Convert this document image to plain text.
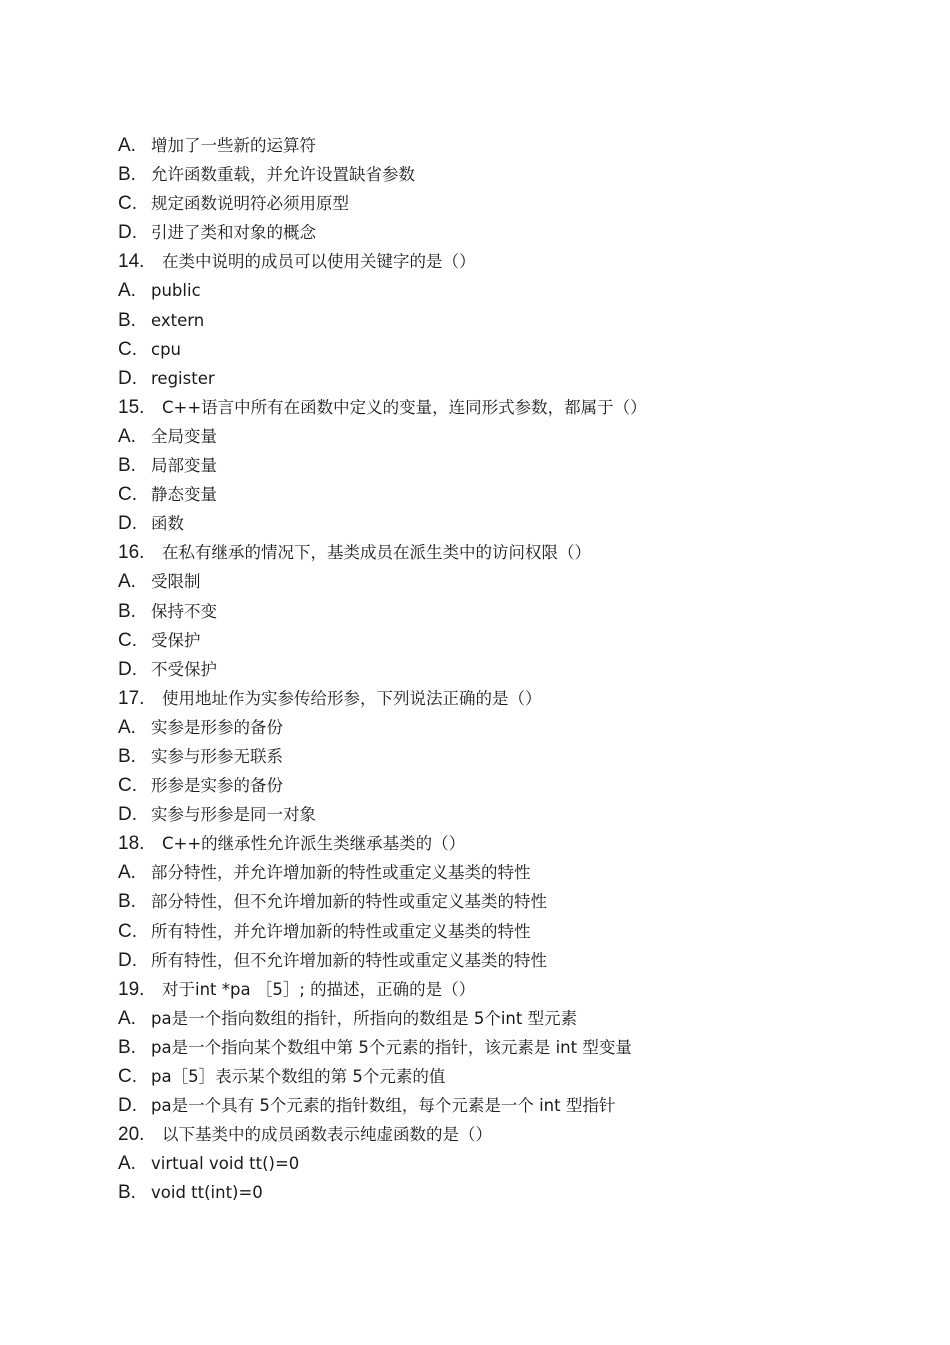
A. 增加了一些新的运算符
B. 允许函数重载，并允许设置缺省参数
C. 规定函数说明符必须用原型
D. 引进了类和对象的概念
14.	在类中说明的成员可以使用关键字的是（）
A. public
B. extern
C. cpu
D. register
15.	C++语言中所有在函数中定义的变量，连同形式参数，都属于（）
A. 全局变量
B. 局部变量
C. 静态变量
D. 函数
16.	在私有继承的情况下，基类成员在派生类中的访问权限（）
A. 受限制
B. 保持不变
C. 受保护
D. 不受保护
17.	使用地址作为实参传给形参，下列说法正确的是（）
A. 实参是形参的备份
B. 实参与形参无联系
C. 形参是实参的备份
D. 实参与形参是同一对象
18.	C++的继承性允许派生类继承基类的（）
A. 部分特性，并允许增加新的特性或重定义基类的特性
B. 部分特性，但不允许增加新的特性或重定义基类的特性
C. 所有特性，并允许增加新的特性或重定义基类的特性
D. 所有特性，但不允许增加新的特性或重定义基类的特性
19.	对于int *pa ［5］; 的描述，正确的是（）
A. pa是一个指向数组的指针，所指向的数组是 5个int 型元素
B. pa是一个指向某个数组中第 5个元素的指针，该元素是 int 型变量
C. pa［5］表示某个数组的第 5个元素的值
D. pa是一个具有 5个元素的指针数组，每个元素是一个 int 型指针
20.	以下基类中的成员函数表示纯虚函数的是（）
A. virtual void tt()=0
B. void tt(int)=0
